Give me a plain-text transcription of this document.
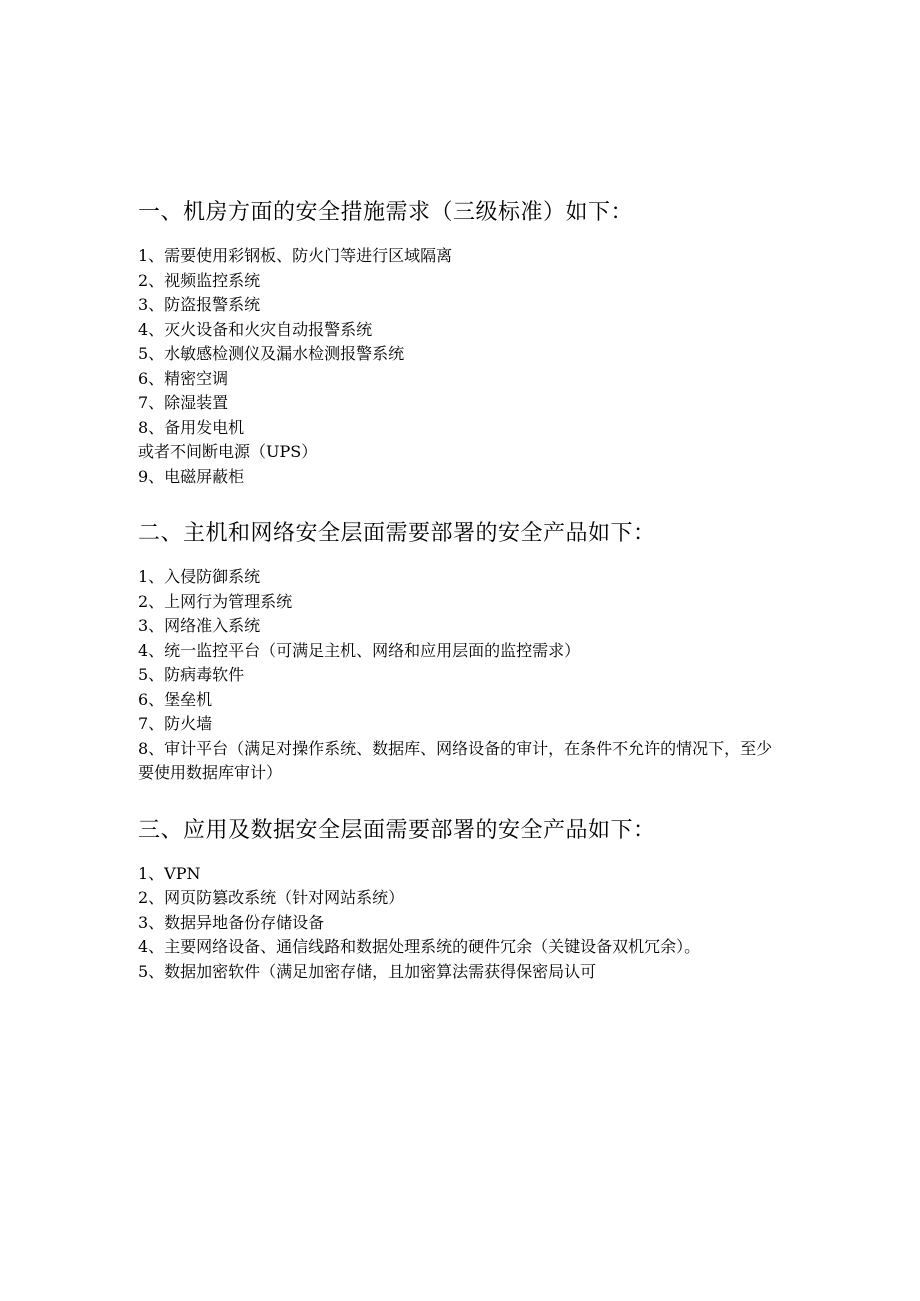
一、机房方面的安全措施需求（三级标准）如下：
1、需要使用彩钢板、防火门等进行区域隔离
2、视频监控系统
3、防盗报警系统
4、灭火设备和火灾自动报警系统
5、水敏感检测仪及漏水检测报警系统
6、精密空调
7、除湿装置
8、备用发电机
或者不间断电源（UPS）
9、电磁屏蔽柜
二、主机和网络安全层面需要部署的安全产品如下：
1、入侵防御系统
2、上网行为管理系统
3、网络准入系统
4、统一监控平台（可满足主机、网络和应用层面的监控需求）
5、防病毒软件
6、堡垒机
7、防火墙
8、审计平台（满足对操作系统、数据库、网络设备的审计，在条件不允许的情况下，至少要使用数据库审计）
三、应用及数据安全层面需要部署的安全产品如下：
1、VPN
2、网页防篡改系统（针对网站系统）
3、数据异地备份存储设备
4、主要网络设备、通信线路和数据处理系统的硬件冗余（关键设备双机冗余）。
5、数据加密软件（满足加密存储，且加密算法需获得保密局认可
